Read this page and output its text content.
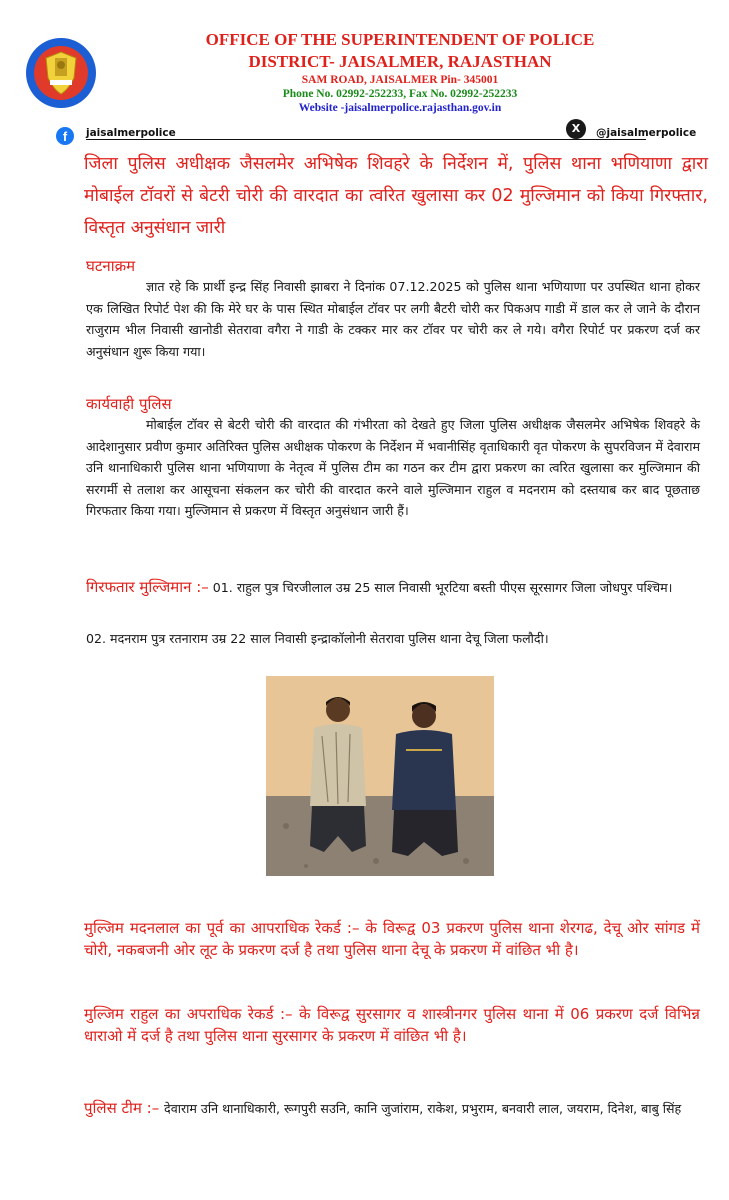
OFFICE OF THE SUPERINTENDENT OF POLICE
DISTRICT- JAISALMER, RAJASTHAN
SAM ROAD, JAISALMER Pin- 345001
Phone No. 02992-252233, Fax No. 02992-252233
Website -jaisalmerpolice.rajasthan.gov.in
f	jaisalmerpolice	X	@jaisalmerpolice
जिला पुलिस अधीक्षक जैसलमेर अभिषेक शिवहरे के निर्देशन में, पुलिस थाना भणियाणा द्वारा मोबाईल टॉवरों से बेटरी चोरी की वारदात का त्वरित खुलासा कर 02 मुल्जिमान को किया गिरफ्तार, विस्तृत अनुसंधान जारी
घटनाक्रम
ज्ञात रहे कि प्रार्थी इन्द्र सिंह निवासी झाबरा ने दिनांक 07.12.2025 को पुलिस थाना भणियाणा पर उपस्थित थाना होकर एक लिखित रिपोर्ट पेश की कि मेरे घर के पास स्थित मोबाईल टॉवर पर लगी बैटरी चोरी कर पिकअप गाडी में डाल कर ले जाने के दौरान राजुराम भील निवासी खानोडी सेतरावा वगैरा ने गाडी के टक्कर मार कर टॉवर पर चोरी कर ले गये। वगैरा रिपोर्ट पर प्रकरण दर्ज कर अनुसंधान शुरू किया गया।
कार्यवाही पुलिस
मोबाईल टॉवर से बेटरी चोरी की वारदात की गंभीरता को देखते हुए जिला पुलिस अधीक्षक जैसलमेर अभिषेक शिवहरे के आदेशानुसार प्रवीण कुमार अतिरिक्त पुलिस अधीक्षक पोकरण के निर्देशन में भवानीसिंह वृताधिकारी वृत पोकरण के सुपरविजन में देवाराम उनि थानाधिकारी पुलिस थाना भणियाणा के नेतृत्व में पुलिस टीम का गठन कर टीम द्वारा प्रकरण का त्वरित खुलासा कर मुल्जिमान की सरगर्मी से तलाश कर आसूचना संकलन कर चोरी की वारदात करने वाले मुल्जिमान राहुल व मदनराम को दस्तयाब कर बाद पूछताछ गिरफतार किया गया। मुल्जिमान से प्रकरण में विस्तृत अनुसंधान जारी हैं।
गिरफतार मुल्जिमान :– 01. राहुल पुत्र चिरजीलाल उम्र 25 साल निवासी भूरटिया बस्ती पीएस सूरसागर जिला जोधपुर पश्चिम।
02. मदनराम पुत्र रतनाराम उम्र 22 साल निवासी इन्द्राकॉलोनी सेतरावा पुलिस थाना देचू जिला फलौदी।
मुल्जिम मदनलाल का पूर्व का आपराधिक रेकर्ड :– के विरूद्व 03 प्रकरण पुलिस थाना शेरगढ, देचू ओर सांगड में चोरी, नकबजनी ओर लूट के प्रकरण दर्ज है तथा पुलिस थाना देचू के प्रकरण में वांछित भी है।
मुल्जिम राहुल का अपराधिक रेकर्ड :– के विरूद्व सुरसागर व शास्त्रीनगर पुलिस थाना में 06 प्रकरण दर्ज विभिन्न धाराओ में दर्ज है तथा पुलिस थाना सुरसागर के प्रकरण में वांछित भी है।
पुलिस टीम :– देवाराम उनि थानाधिकारी, रूगपुरी सउनि, कानि जुजांराम, राकेश, प्रभुराम, बनवारी लाल, जयराम, दिनेश, बाबु सिंह
